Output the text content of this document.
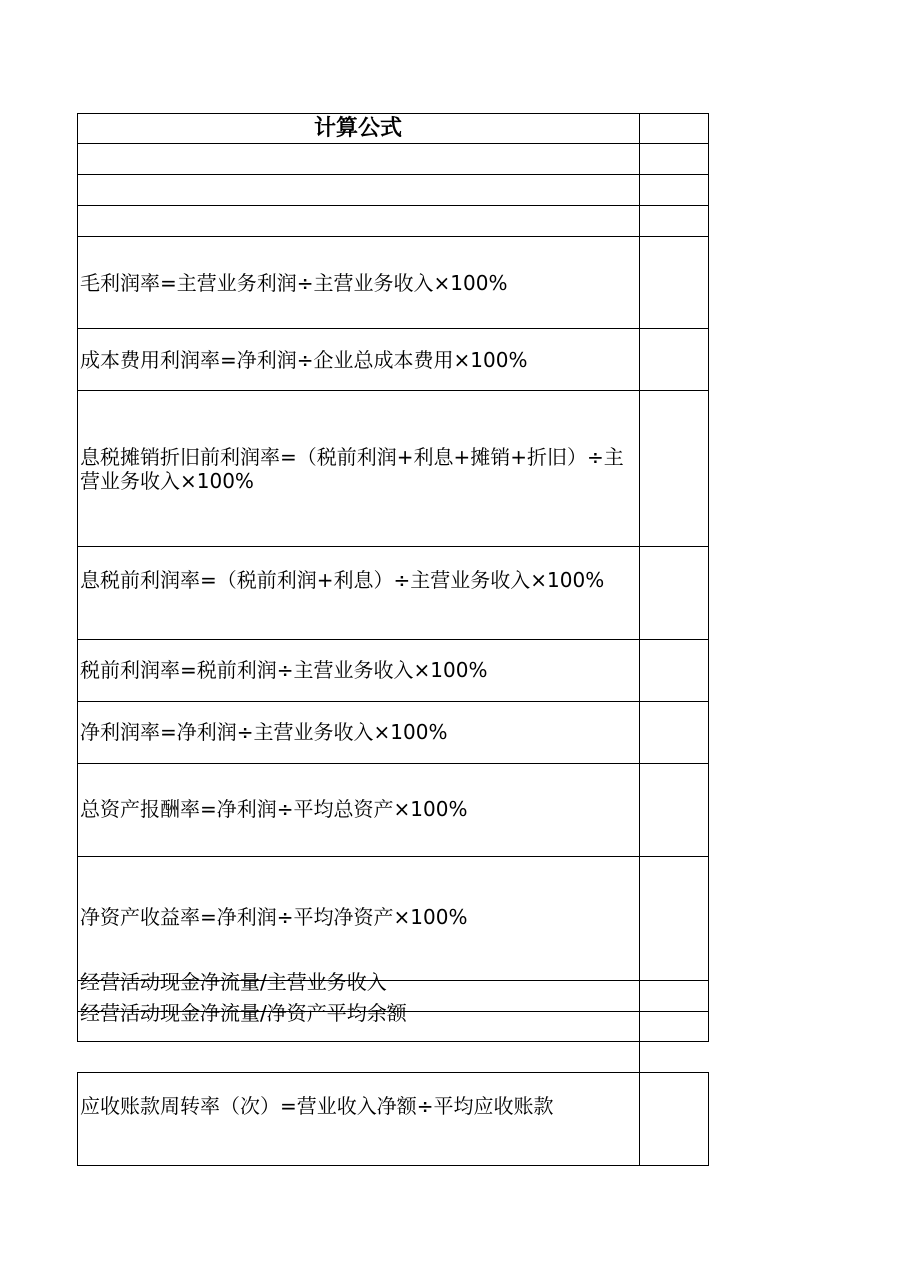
计算公式
毛利润率=主营业务利润÷主营业务收入×100%
成本费用利润率=净利润÷企业总成本费用×100%
息税摊销折旧前利润率=（税前利润+利息+摊销+折旧）÷主营业务收入×100%
息税前利润率=（税前利润+利息）÷主营业务收入×100%
税前利润率=税前利润÷主营业务收入×100%
净利润率=净利润÷主营业务收入×100%
总资产报酬率=净利润÷平均总资产×100%
净资产收益率=净利润÷平均净资产×100%
经营活动现金净流量/主营业务收入
经营活动现金净流量/净资产平均余额
应收账款周转率（次）=营业收入净额÷平均应收账款
